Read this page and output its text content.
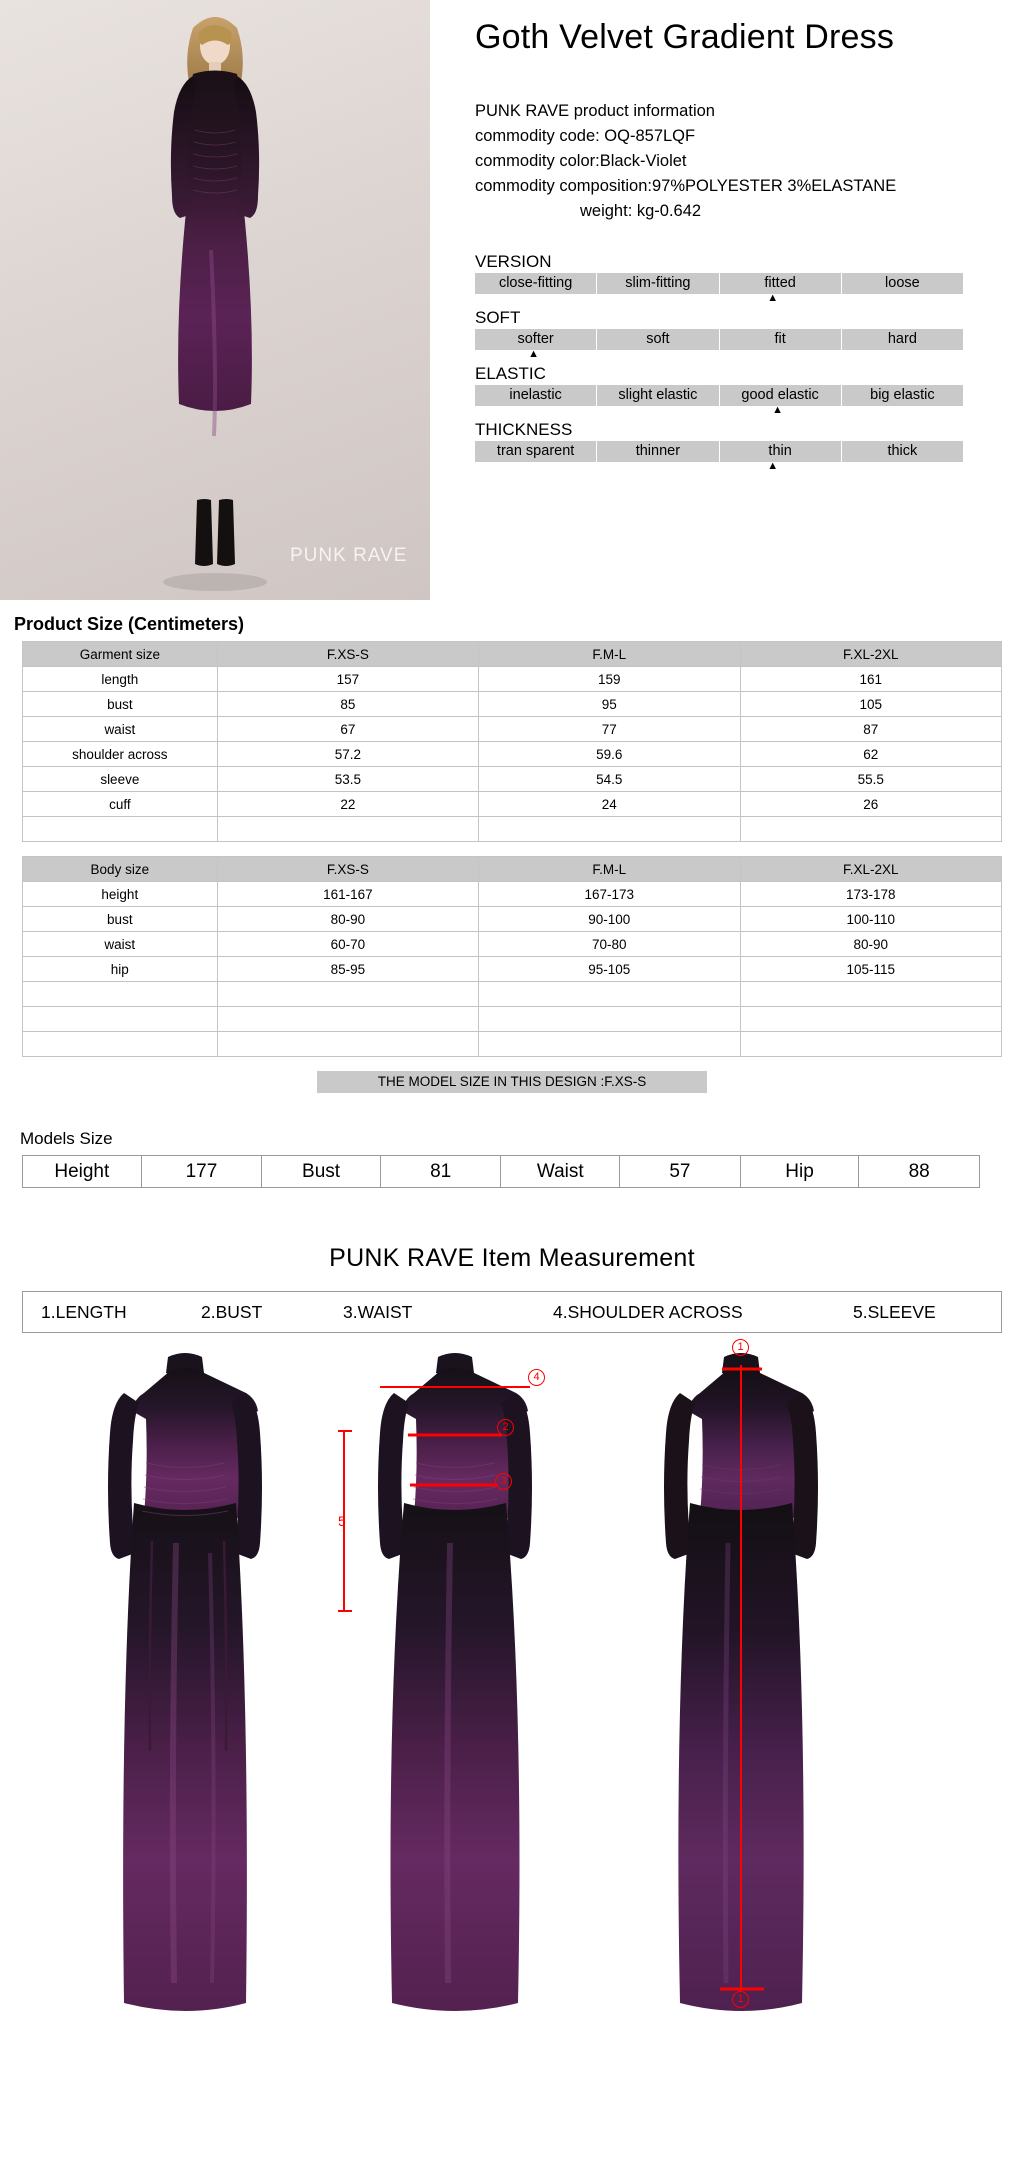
PUNK RAVE
Goth Velvet Gradient Dress
PUNK RAVE product information
commodity code: OQ-857LQF
commodity color:Black-Violet
commodity composition:97%POLYESTER 3%ELASTANE
weight: kg-0.642
VERSION
close-fitting	slim-fitting	fitted	loose
▲
SOFT
softer	soft	fit	hard
▲
ELASTIC
inelastic	slight elastic	good elastic	big elastic
▲
THICKNESS
tran sparent	thinner	thin	thick
▲
Product Size (Centimeters)
Garment size	F.XS-S	F.M-L	F.XL-2XL
length	157	159	161
bust	85	95	105
waist	67	77	87
shoulder across	57.2	59.6	62
sleeve	53.5	54.5	55.5
cuff	22	24	26

Body size	F.XS-S	F.M-L	F.XL-2XL
height	161-167	167-173	173-178
bust	80-90	90-100	100-110
waist	60-70	70-80	80-90
hip	85-95	95-105	105-115

THE MODEL SIZE IN THIS DESIGN :F.XS-S
Models Size
Height	177	Bust	81	Waist	57	Hip	88
PUNK RAVE Item Measurement
1.LENGTH	2.BUST	3.WAIST	4.SHOULDER ACROSS	5.SLEEVE
4
2
3
5
1
1
